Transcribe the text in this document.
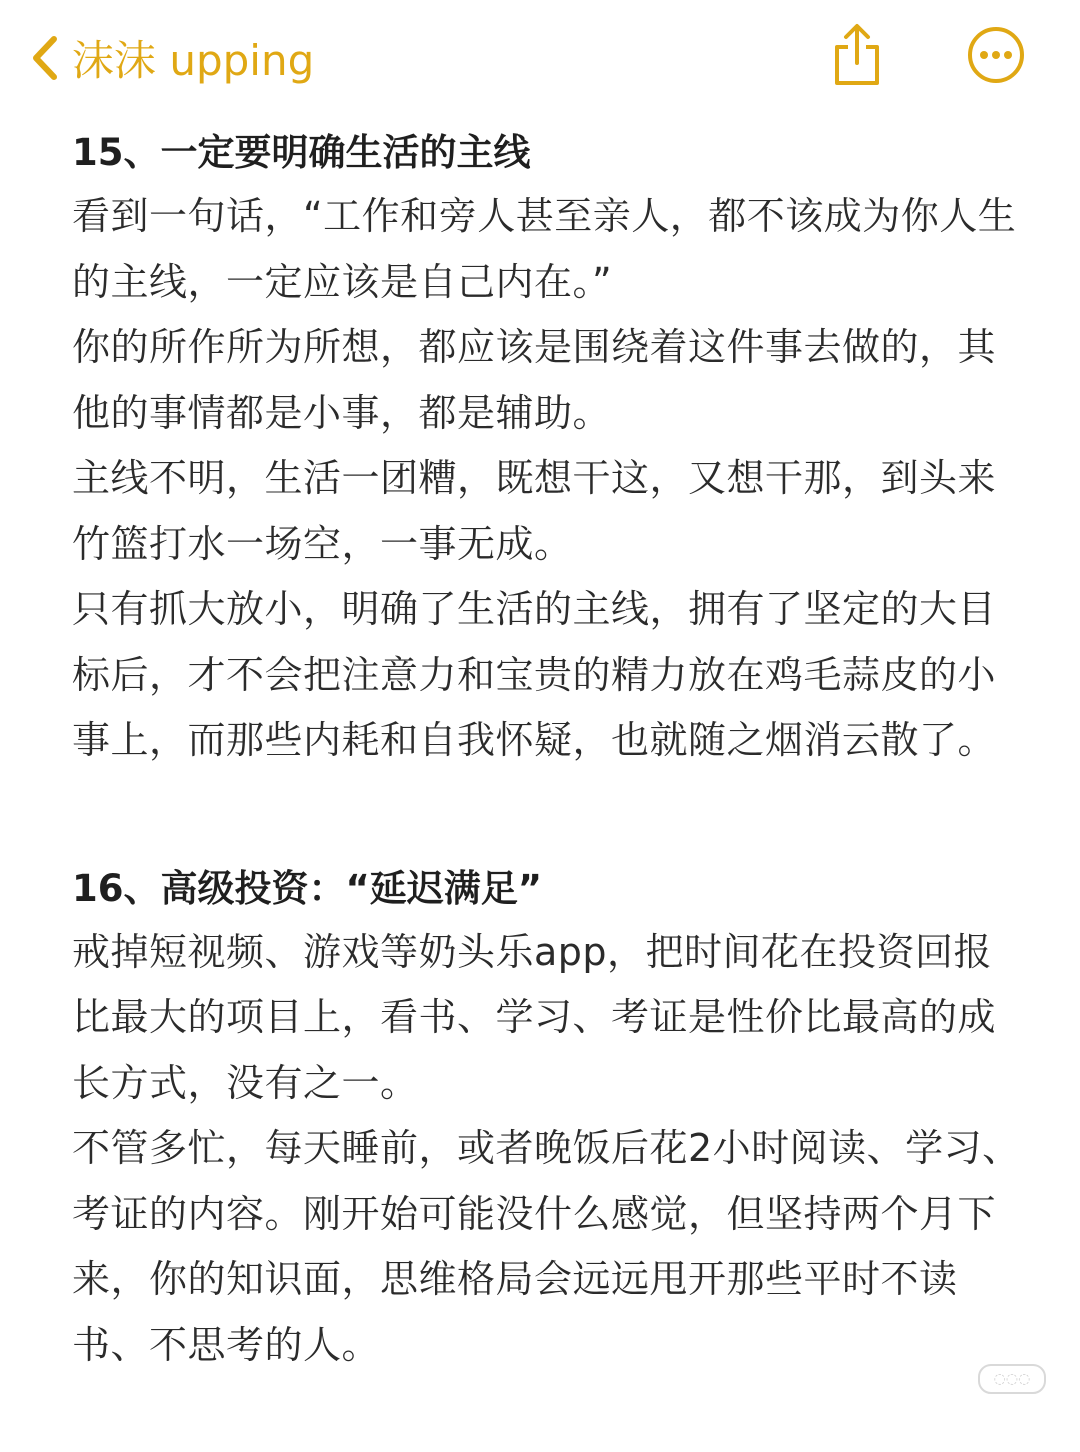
沫沫 upping

15、一定要明确生活的主线

看到一句话，“工作和旁人甚至亲人，都不该成为你人生的主线，一定应该是自己内在。”

你的所作所为所想，都应该是围绕着这件事去做的，其他的事情都是小事，都是辅助。

主线不明，生活一团糟，既想干这，又想干那，到头来竹篮打水一场空，一事无成。

只有抓大放小，明确了生活的主线，拥有了坚定的大目标后，才不会把注意力和宝贵的精力放在鸡毛蒜皮的小事上，而那些内耗和自我怀疑，也就随之烟消云散了。

16、高级投资：“延迟满足”

戒掉短视频、游戏等奶头乐app，把时间花在投资回报比最大的项目上，看书、学习、考证是性价比最高的成长方式，没有之一。

不管多忙，每天睡前，或者晚饭后花2小时阅读、学习、考证的内容。刚开始可能没什么感觉，但坚持两个月下来，你的知识面，思维格局会远远甩开那些平时不读书、不思考的人。

◌◌◌
